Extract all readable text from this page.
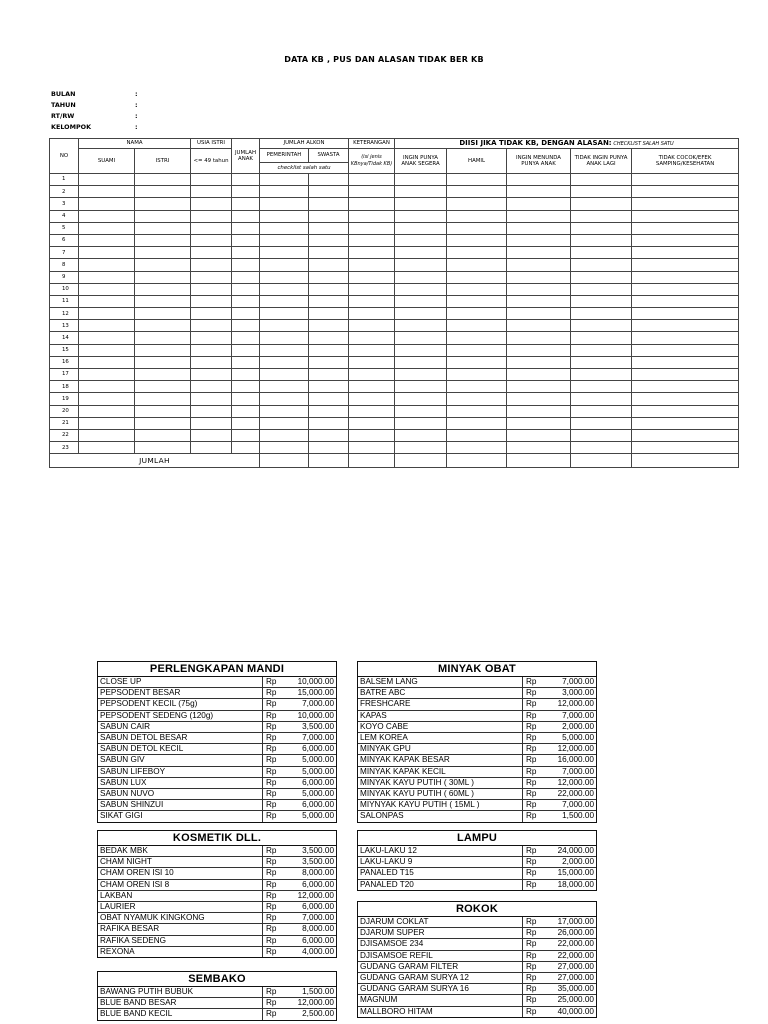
DATA KB , PUS DAN ALASAN TIDAK BER KB
BULAN	:
TAHUN	:
RT/RW	:
KELOMPOK	:
NO	NAMA		USIA ISTRI	JUMLAH ANAK	JUMLAH ALKON		KETERANGAN	DIISI JIKA TIDAK KB, DENGAN ALASAN: CHECKLIST SALAH SATU				
	SUAMI	ISTRI	<= 49 tahun		PEMERINTAH	SWASTA	(isi jenis KBnya/Tidak KB)	INGIN PUNYA ANAK SEGERA	HAMIL	INGIN MENUNDA PUNYA ANAK	TIDAK INGIN PUNYA ANAK LAGI	TIDAK COCOK/EFEK SAMPING/KESEHATAN
					checklist salah satu							
1												
2												
3												
4												
5												
6												
7												
8												
9												
10												
11												
12												
13												
14												
15												
16												
17												
18												
19												
20												
21												
22												
23												
JUMLAH												
PERLENGKAPAN MANDI
CLOSE UP	Rp	10,000.00
PEPSODENT BESAR	Rp	15,000.00
PEPSODENT KECIL (75g)	Rp	7,000.00
PEPSODENT SEDENG (120g)	Rp	10,000.00
SABUN CAIR	Rp	3,500.00
SABUN DETOL BESAR	Rp	7,000.00
SABUN DETOL KECIL	Rp	6,000.00
SABUN GIV	Rp	5,000.00
SABUN LIFEBOY	Rp	5,000.00
SABUN LUX	Rp	6,000.00
SABUN NUVO	Rp	5,000.00
SABUN SHINZUI	Rp	6,000.00
SIKAT GIGI	Rp	5,000.00
MINYAK OBAT
BALSEM LANG	Rp	7,000.00
BATRE ABC	Rp	3,000.00
FRESHCARE	Rp	12,000.00
KAPAS	Rp	7,000.00
KOYO CABE	Rp	2,000.00
LEM KOREA	Rp	5,000.00
MINYAK GPU	Rp	12,000.00
MINYAK KAPAK BESAR	Rp	16,000.00
MINYAK KAPAK KECIL	Rp	7,000.00
MINYAK KAYU PUTIH ( 30ML )	Rp	12,000.00
MINYAK KAYU PUTIH ( 60ML )	Rp	22,000.00
MIYNYAK KAYU PUTIH ( 15ML )	Rp	7,000.00
SALONPAS	Rp	1,500.00
KOSMETIK DLL.
BEDAK MBK	Rp	3,500.00
CHAM NIGHT	Rp	3,500.00
CHAM OREN ISI 10	Rp	8,000.00
CHAM OREN ISI 8	Rp	6,000.00
LAKBAN	Rp	12,000.00
LAURIER	Rp	6,000.00
OBAT NYAMUK KINGKONG	Rp	7,000.00
RAFIKA BESAR	Rp	8,000.00
RAFIKA SEDENG	Rp	6,000.00
REXONA	Rp	4,000.00
LAMPU
LAKU-LAKU 12	Rp	24,000.00
LAKU-LAKU 9	Rp	2,000.00
PANALED T15	Rp	15,000.00
PANALED T20	Rp	18,000.00
ROKOK
DJARUM COKLAT	Rp	17,000.00
DJARUM SUPER	Rp	26,000.00
DJISAMSOE 234	Rp	22,000.00
DJISAMSOE REFIL	Rp	22,000.00
GUDANG GARAM FILTER	Rp	27,000.00
GUDANG GARAM SURYA 12	Rp	27,000.00
GUDANG GARAM SURYA 16	Rp	35,000.00
MAGNUM	Rp	25,000.00
MALLBORO HITAM	Rp	40,000.00
SEMBAKO
BAWANG PUTIH BUBUK	Rp	1,500.00
BLUE BAND BESAR	Rp	12,000.00
BLUE BAND KECIL	Rp	2,500.00
